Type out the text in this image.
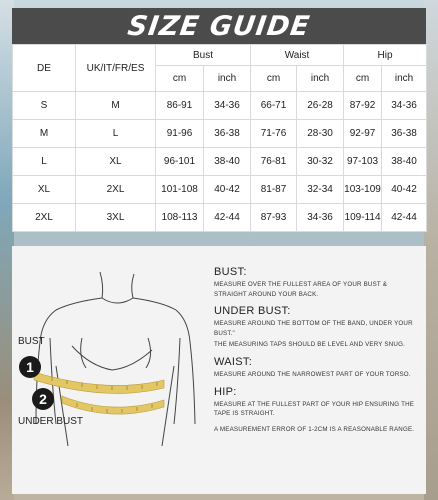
SIZE GUIDE
DE	UK/IT/FR/ES	Bust		Waist		Hip	
		cm	inch	cm	inch	cm	inch
S	M	86-91	34-36	66-71	26-28	87-92	34-36
M	L	91-96	36-38	71-76	28-30	92-97	36-38
L	XL	96-101	38-40	76-81	30-32	97-103	38-40
XL	2XL	101-108	40-42	81-87	32-34	103-109	40-42
2XL	3XL	108-113	42-44	87-93	34-36	109-114	42-44
BUST
1
2
UNDER BUST

BUST:

MEASURE OVER THE FULLEST AREA OF YOUR BUST & STRAIGHT AROUND YOUR BACK.

UNDER BUST:

MEASURE AROUND THE BOTTOM OF THE BAND, UNDER YOUR BUST."

THE MEASURING TAPS SHOULD BE LEVEL AND VERY SNUG.

WAIST:

MEASURE AROUND THE NARROWEST PART OF YOUR TORSO.

HIP:

MEASURE AT THE FULLEST PART OF YOUR HIP ENSURING THE TAPE IS STRAIGHT.

A MEASUREMENT ERROR OF 1-2CM IS A REASONABLE RANGE.
